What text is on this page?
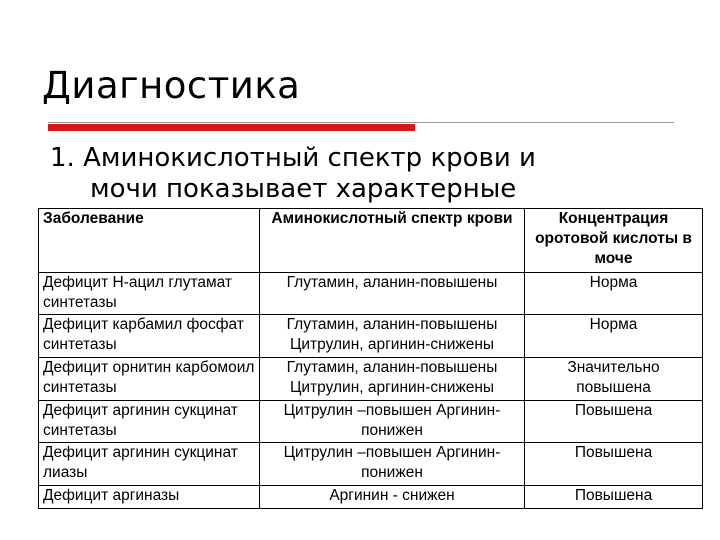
Диагностика

1. Аминокислотный спектр крови и
мочи показывает характерные

Заболевание	Аминокислотный спектр крови	Концентрация оротовой кислоты в моче
Дефицит Н-ацил глутамат синтетазы	Глутамин, аланин-повышены	Норма
Дефицит карбамил фосфат синтетазы	Глутамин, аланин-повышены Цитрулин, аргинин-снижены	Норма
Дефицит орнитин карбомоил синтетазы	Глутамин, аланин-повышены Цитрулин, аргинин-снижены	Значительно повышена
Дефицит аргинин сукцинат синтетазы	Цитрулин –повышен Аргинин-понижен	Повышена
Дефицит аргинин сукцинат лиазы	Цитрулин –повышен Аргинин-понижен	Повышена
Дефицит аргиназы	Аргинин - снижен	Повышена
